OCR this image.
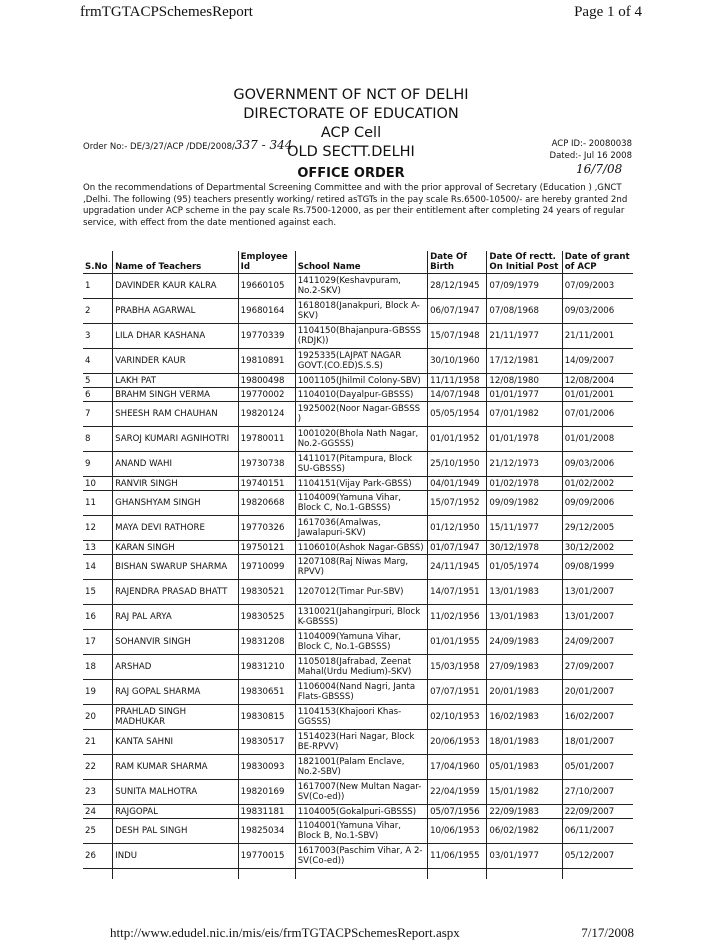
frmTGTACPSchemesReport	Page 1 of 4
GOVERNMENT OF NCT OF DELHI
DIRECTORATE OF EDUCATION
ACP Cell
OLD SECTT.DELHI
Order No:- DE/3/27/ACP /DDE/2008/337 - 344	ACP ID:- 20080038
Dated:- Jul 16 2008
16/7/08
OFFICE ORDER
On the recommendations of Departmental Screening Committee and with the prior approval of Secretary (Education ) ,GNCT ,Delhi. The following (95) teachers presently working/ retired asTGTs in the pay scale Rs.6500-10500/- are hereby granted 2nd upgradation under ACP scheme in the pay scale Rs.7500-12000, as per their entitlement after completing 24 years of regular service, with effect from the date mentioned against each.
S.No	Name of Teachers	Employee Id	School Name	Date Of Birth	Date Of rectt. On Initial Post	Date of grant of ACP
1	DAVINDER KAUR KALRA	19660105	1411029(Keshavpuram, No.2-SKV)	28/12/1945	07/09/1979	07/09/2003
2	PRABHA AGARWAL	19680164	1618018(Janakpuri, Block A-SKV)	06/07/1947	07/08/1968	09/03/2006
3	LILA DHAR KASHANA	19770339	1104150(Bhajanpura-GBSSS (RDJK))	15/07/1948	21/11/1977	21/11/2001
4	VARINDER KAUR	19810891	1925335(LAJPAT NAGAR GOVT.(CO.ED)S.S.S)	30/10/1960	17/12/1981	14/09/2007
5	LAKH PAT	19800498	1001105(Jhilmil Colony-SBV)	11/11/1958	12/08/1980	12/08/2004
6	BRAHM SINGH VERMA	19770002	1104010(Dayalpur-GBSSS)	14/07/1948	01/01/1977	01/01/2001
7	SHEESH RAM CHAUHAN	19820124	1925002(Noor Nagar-GBSSS )	05/05/1954	07/01/1982	07/01/2006
8	SAROJ KUMARI AGNIHOTRI	19780011	1001020(Bhola Nath Nagar, No.2-GGSSS)	01/01/1952	01/01/1978	01/01/2008
9	ANAND WAHI	19730738	1411017(Pitampura, Block SU-GBSSS)	25/10/1950	21/12/1973	09/03/2006
10	RANVIR SINGH	19740151	1104151(Vijay Park-GBSS)	04/01/1949	01/02/1978	01/02/2002
11	GHANSHYAM SINGH	19820668	1104009(Yamuna Vihar, Block C, No.1-GBSSS)	15/07/1952	09/09/1982	09/09/2006
12	MAYA DEVI RATHORE	19770326	1617036(Amalwas, Jawalapuri-SKV)	01/12/1950	15/11/1977	29/12/2005
13	KARAN SINGH	19750121	1106010(Ashok Nagar-GBSS)	01/07/1947	30/12/1978	30/12/2002
14	BISHAN SWARUP SHARMA	19710099	1207108(Raj Niwas Marg, RPVV)	24/11/1945	01/05/1974	09/08/1999
15	RAJENDRA PRASAD BHATT	19830521	1207012(Timar Pur-SBV)	14/07/1951	13/01/1983	13/01/2007
16	RAJ PAL ARYA	19830525	1310021(Jahangirpuri, Block K-GBSSS)	11/02/1956	13/01/1983	13/01/2007
17	SOHANVIR SINGH	19831208	1104009(Yamuna Vihar, Block C, No.1-GBSSS)	01/01/1955	24/09/1983	24/09/2007
18	ARSHAD	19831210	1105018(Jafrabad, Zeenat Mahal(Urdu Medium)-SKV)	15/03/1958	27/09/1983	27/09/2007
19	RAJ GOPAL SHARMA	19830651	1106004(Nand Nagri, Janta Flats-GBSSS)	07/07/1951	20/01/1983	20/01/2007
20	PRAHLAD SINGH MADHUKAR	19830815	1104153(Khajoori Khas-GGSSS)	02/10/1953	16/02/1983	16/02/2007
21	KANTA SAHNI	19830517	1514023(Hari Nagar, Block BE-RPVV)	20/06/1953	18/01/1983	18/01/2007
22	RAM KUMAR SHARMA	19830093	1821001(Palam Enclave, No.2-SBV)	17/04/1960	05/01/1983	05/01/2007
23	SUNITA MALHOTRA	19820169	1617007(New Multan Nagar-SV(Co-ed))	22/04/1959	15/01/1982	27/10/2007
24	RAJGOPAL	19831181	1104005(Gokalpuri-GBSSS)	05/07/1956	22/09/1983	22/09/2007
25	DESH PAL SINGH	19825034	1104001(Yamuna Vihar, Block B, No.1-SBV)	10/06/1953	06/02/1982	06/11/2007
26	INDU	19770015	1617003(Paschim Vihar, A 2-SV(Co-ed))	11/06/1955	03/01/1977	05/12/2007

http://www.edudel.nic.in/mis/eis/frmTGTACPSchemesReport.aspx	7/17/2008
